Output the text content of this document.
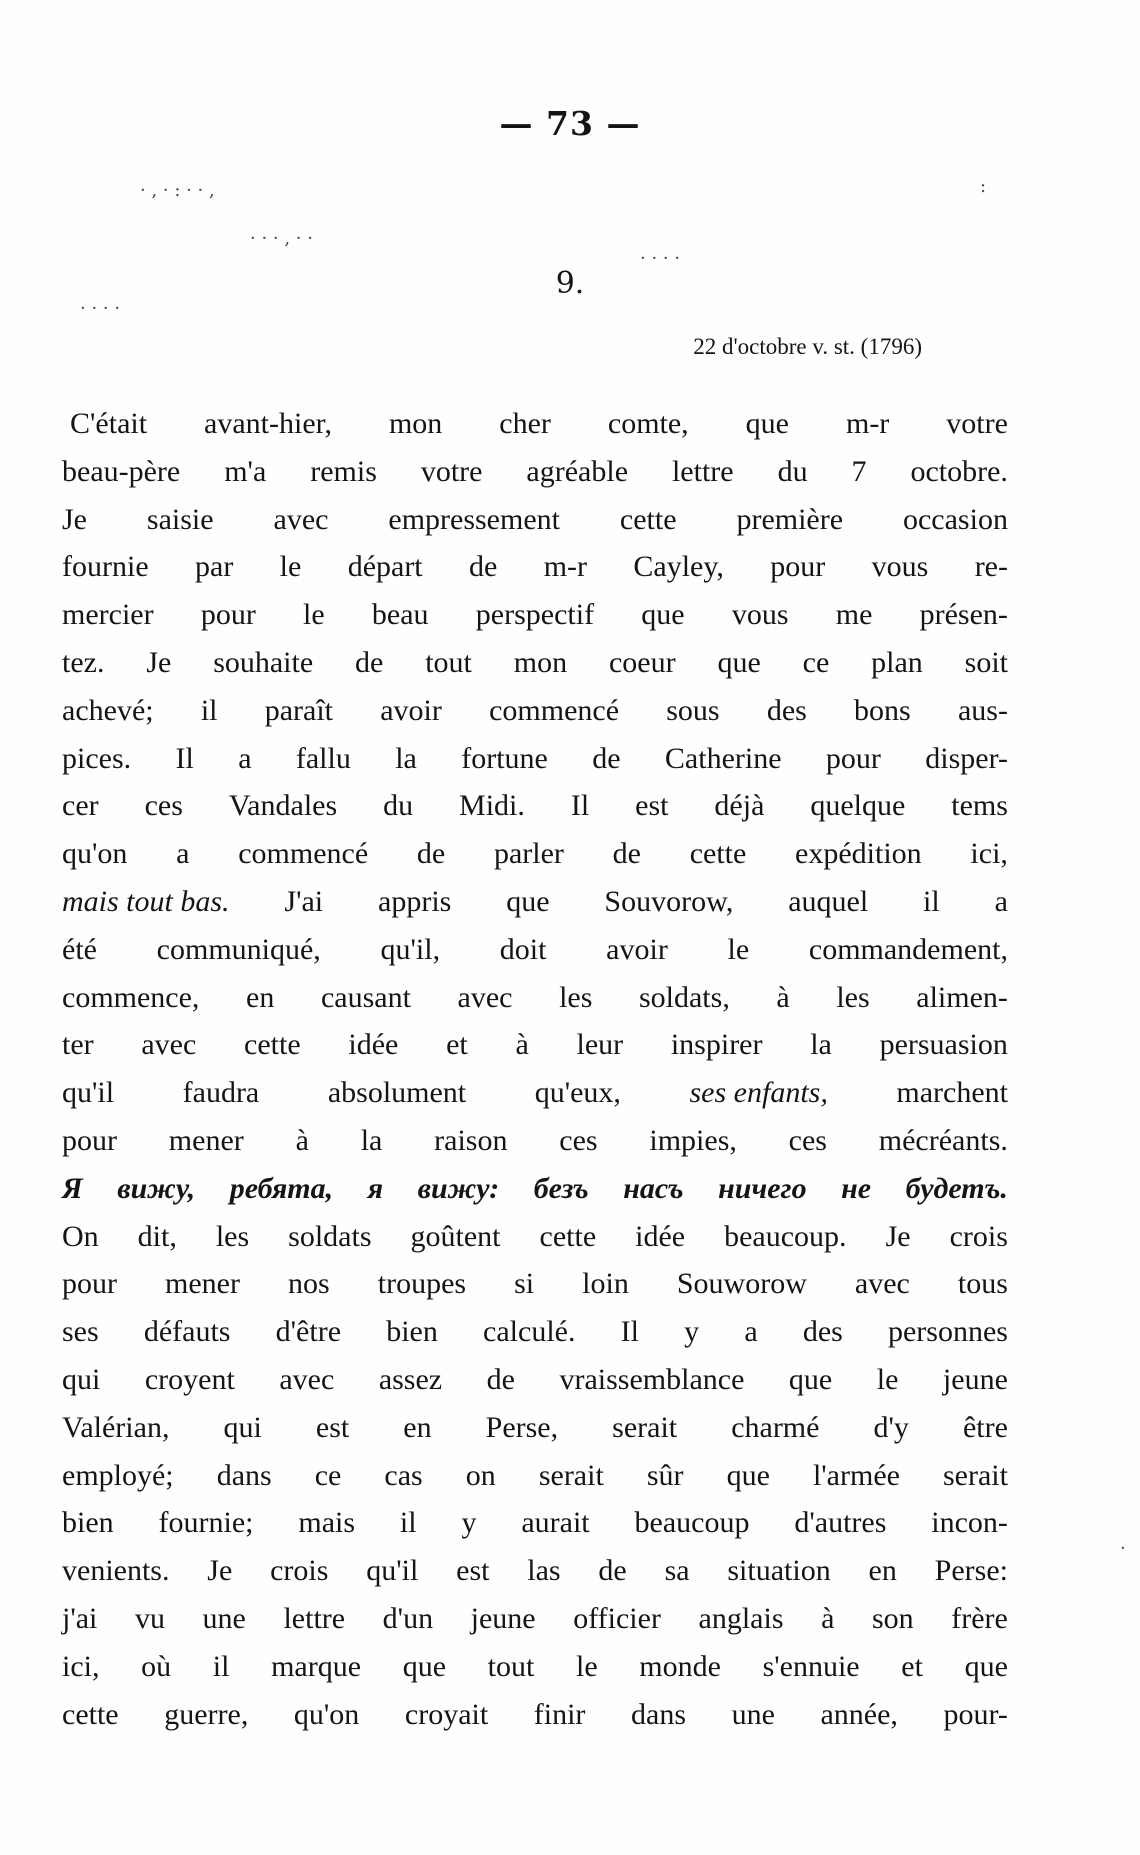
— 73 —
· , · : · · ,
· · · , · ·
· · · ·
:
· · · ·
·
9.
22 d'octobre v. st. (1796)
C'était avant-hier, mon cher comte, que m-r votre
beau-père m'a remis votre agréable lettre du 7 octobre.
Je saisie avec empressement cette première occasion
fournie par le départ de m-r Cayley, pour vous re-
mercier pour le beau perspectif que vous me présen-
tez. Je souhaite de tout mon coeur que ce plan soit
achevé; il paraît avoir commencé sous des bons aus-
pices. Il a fallu la fortune de Catherine pour disper-
cer ces Vandales du Midi. Il est déjà quelque tems
qu'on a commencé de parler de cette expédition ici,
mais tout bas. J'ai appris que Souvorow, auquel il a
été communiqué, qu'il, doit avoir le commandement,
commence, en causant avec les soldats, à les alimen-
ter avec cette idée et à leur inspirer la persuasion
qu'il faudra absolument qu'eux, ses enfants, marchent
pour mener à la raison ces impies, ces mécréants.
Я вижу, ребята, я вижу: безъ насъ ничего не будетъ.
On dit, les soldats goûtent cette idée beaucoup. Je crois
pour mener nos troupes si loin Souworow avec tous
ses défauts d'être bien calculé. Il y a des personnes
qui croyent avec assez de vraissemblance que le jeune
Valérian, qui est en Perse, serait charmé d'y être
employé; dans ce cas on serait sûr que l'armée serait
bien fournie; mais il y aurait beaucoup d'autres incon-
venients. Je crois qu'il est las de sa situation en Perse:
j'ai vu une lettre d'un jeune officier anglais à son frère
ici, où il marque que tout le monde s'ennuie et que
cette guerre, qu'on croyait finir dans une année, pour-
